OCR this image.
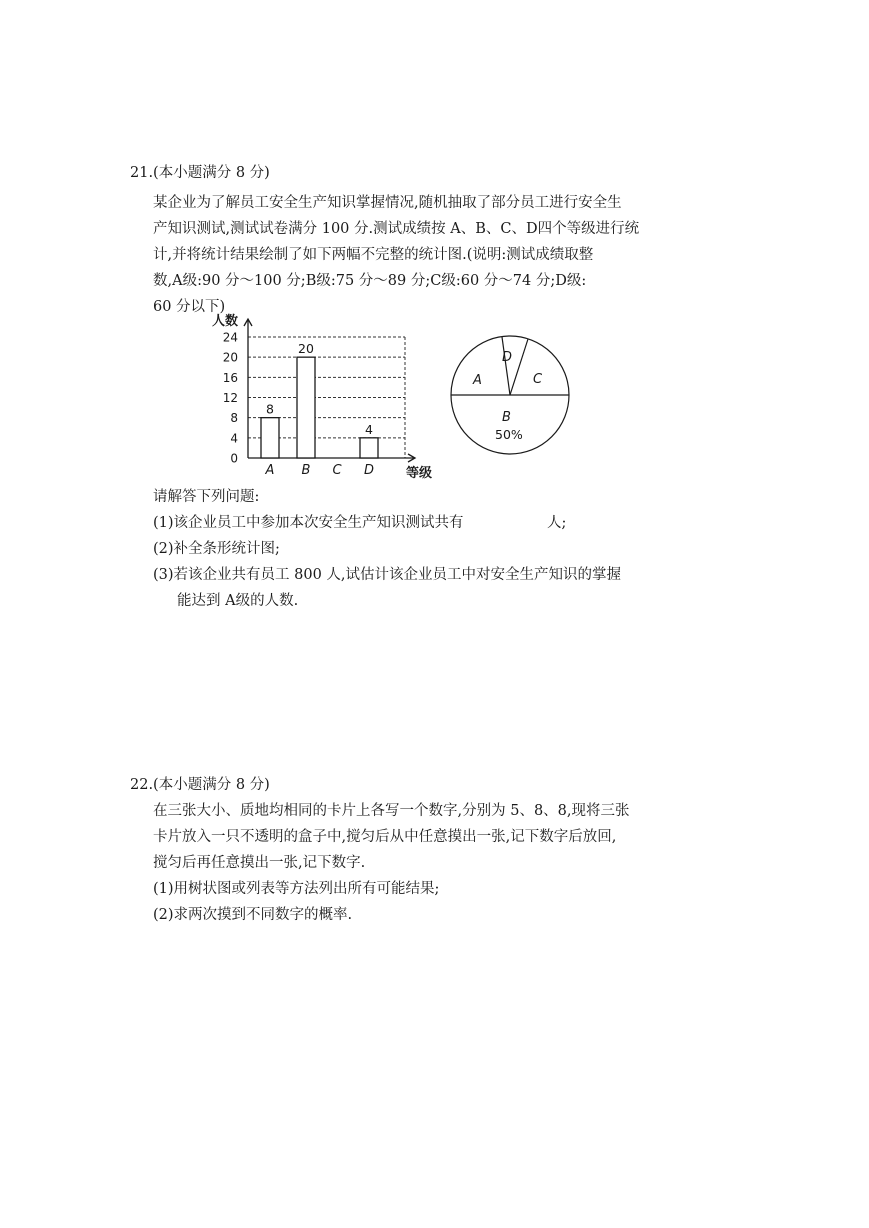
21.(本小题满分 8 分)
某企业为了解员工安全生产知识掌握情况,随机抽取了部分员工进行安全生
产知识测试,测试试卷满分 100 分.测试成绩按 A、B、C、D四个等级进行统
计,并将统计结果绘制了如下两幅不完整的统计图.(说明:测试成绩取整
数,A级:90 分～100 分;B级:75 分～89 分;C级:60 分～74 分;D级:
60 分以下)
8
20
4
0
4
8
12
16
20
24
A B C D
人数
等级
A
D
C
B
50%
请解答下列问题:
(1)该企业员工中参加本次安全生产知识测试共有	人;
(2)补全条形统计图;
(3)若该企业共有员工 800 人,试估计该企业员工中对安全生产知识的掌握
能达到 A级的人数.
22.(本小题满分 8 分)
在三张大小、质地均相同的卡片上各写一个数字,分别为 5、8、8,现将三张
卡片放入一只不透明的盒子中,搅匀后从中任意摸出一张,记下数字后放回,
搅匀后再任意摸出一张,记下数字.
(1)用树状图或列表等方法列出所有可能结果;
(2)求两次摸到不同数字的概率.
